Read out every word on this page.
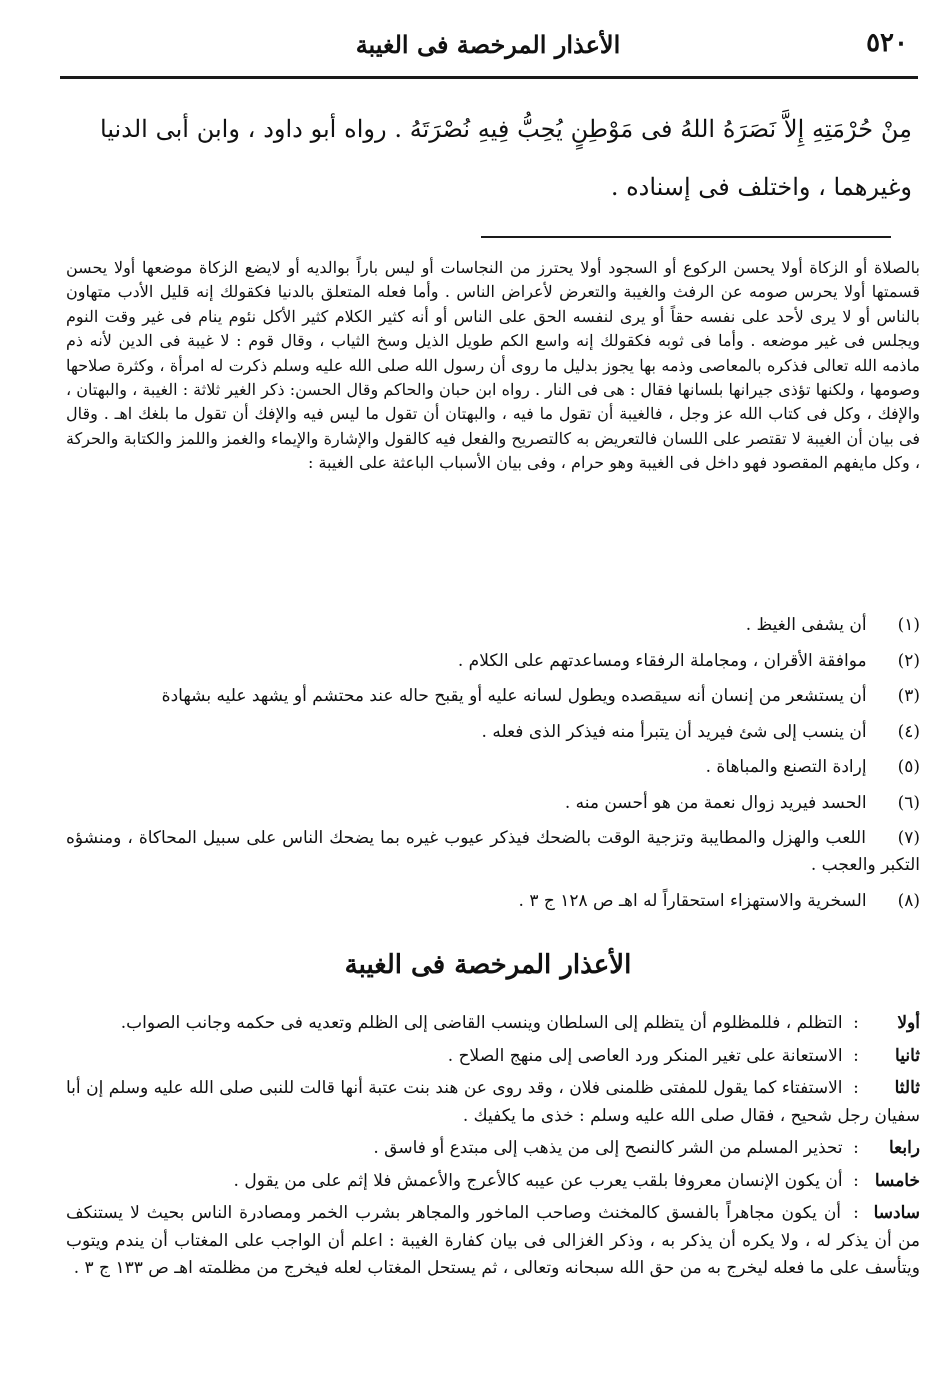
٥٢٠
الأعذار المرخصة فى الغيبة

مِنْ حُرْمَتِهِ إِلاَّ نَصَرَهُ اللهُ فى مَوْطِنٍ يُحِبُّ فِيهِ نُصْرَتَهُ . رواه أبو داود ، وابن أبى الدنيا وغيرهما ، واختلف فى إسناده .

بالصلاة أو الزكاة أولا يحسن الركوع أو السجود أولا يحترز من النجاسات أو ليس باراً بوالديه أو لايضع الزكاة موضعها أولا يحسن قسمتها أولا يحرس صومه عن الرفث والغيبة والتعرض لأعراض الناس . وأما فعله المتعلق بالدنيا فكقولك إنه قليل الأدب متهاون بالناس أو لا يرى لأحد على نفسه حقاً أو يرى لنفسه الحق على الناس أو أنه كثير الكلام كثير الأكل نئوم ينام فى غير وقت النوم ويجلس فى غير موضعه . وأما فى ثوبه فكقولك إنه واسع الكم طويل الذيل وسخ الثياب ، وقال قوم : لا غيبة فى الدين لأنه ذم ماذمه الله تعالى فذكره بالمعاصى وذمه بها يجوز بدليل ما روى أن رسول الله صلى الله عليه وسلم ذكرت له امرأة ، وكثرة صلاحها وصومها ، ولكنها تؤذى جيرانها بلسانها فقال : هى فى النار . رواه ابن حبان والحاكم وقال الحسن: ذكر الغير ثلاثة : الغيبة ، والبهتان ، والإفك ، وكل فى كتاب الله عز وجل ، فالغيبة أن تقول ما فيه ، والبهتان أن تقول ما ليس فيه والإفك أن تقول ما بلغك اهـ . وقال فى بيان أن الغيبة لا تقتصر على اللسان فالتعريض به كالتصريح والفعل فيه كالقول والإشارة والإيماء والغمز واللمز والكتابة والحركة ، وكل مايفهم المقصود فهو داخل فى الغيبة وهو حرام ، وفى بيان الأسباب الباعثة على الغيبة :

(١) أن يشفى الغيظ .
(٢) موافقة الأقران ، ومجاملة الرفقاء ومساعدتهم على الكلام .
(٣) أن يستشعر من إنسان أنه سيقصده ويطول لسانه عليه أو يقبح حاله عند محتشم أو يشهد عليه بشهادة
(٤) أن ينسب إلى شئ فيريد أن يتبرأ منه فيذكر الذى فعله .
(٥) إرادة التصنع والمباهاة .
(٦) الحسد فيريد زوال نعمة من هو أحسن منه .
(٧) اللعب والهزل والمطايبة وتزجية الوقت بالضحك فيذكر عيوب غيره بما يضحك الناس على سبيل المحاكاة ، ومنشؤه التكبر والعجب .
(٨) السخرية والاستهزاء استحقاراً له اهـ ص ١٢٨ ج ٣ .
الأعذار المرخصة فى الغيبة
أولا: التظلم ، فللمظلوم أن يتظلم إلى السلطان وينسب القاضى إلى الظلم وتعديه فى حكمه وجانب الصواب.
ثانيا: الاستعانة على تغير المنكر ورد العاصى إلى منهج الصلاح .
ثالثا: الاستفتاء كما يقول للمفتى ظلمنى فلان ، وقد روى عن هند بنت عتبة أنها قالت للنبى صلى الله عليه وسلم إن أبا سفيان رجل شحيح ، فقال صلى الله عليه وسلم : خذى ما يكفيك .
رابعا: تحذير المسلم من الشر كالنصح إلى من يذهب إلى مبتدع أو فاسق .
خامسا: أن يكون الإنسان معروفا بلقب يعرب عن عيبه كالأعرج والأعمش فلا إثم على من يقول .
سادسا: أن يكون مجاهراً بالفسق كالمخنث وصاحب الماخور والمجاهر بشرب الخمر ومصادرة الناس بحيث لا يستنكف من أن يذكر له ، ولا يكره أن يذكر به ، وذكر الغزالى فى بيان كفارة الغيبة : اعلم أن الواجب على المغتاب أن يندم ويتوب ويتأسف على ما فعله ليخرج به من حق الله سبحانه وتعالى ، ثم يستحل المغتاب لعله فيخرج من مظلمته اهـ ص ١٣٣ ج ٣ .
